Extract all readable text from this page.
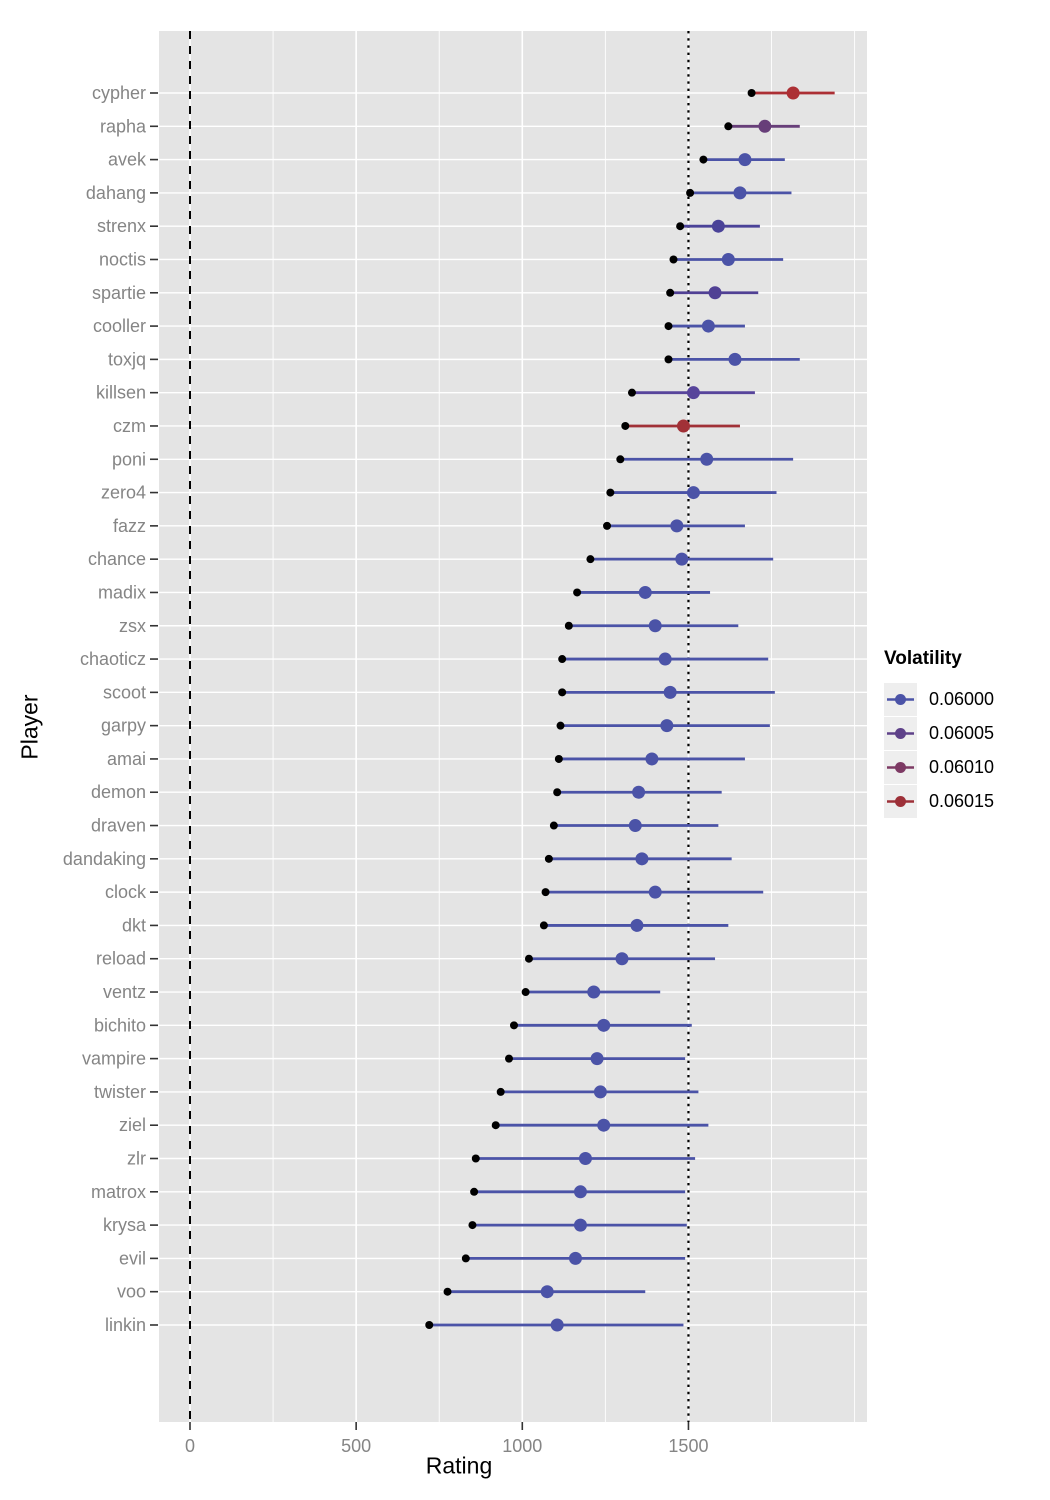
cypher
rapha
avek
dahang
strenx
noctis
spartie
cooller
toxjq
killsen
czm
poni
zero4
fazz
chance
madix
zsx
chaoticz
scoot
garpy
amai
demon
draven
dandaking
clock
dkt
reload
ventz
bichito
vampire
twister
ziel
zlr
matrox
krysa
evil
voo
linkin
0	500	1000	1500
Player
Rating
Volatility
0.06000
0.06005
0.06010
0.06015
